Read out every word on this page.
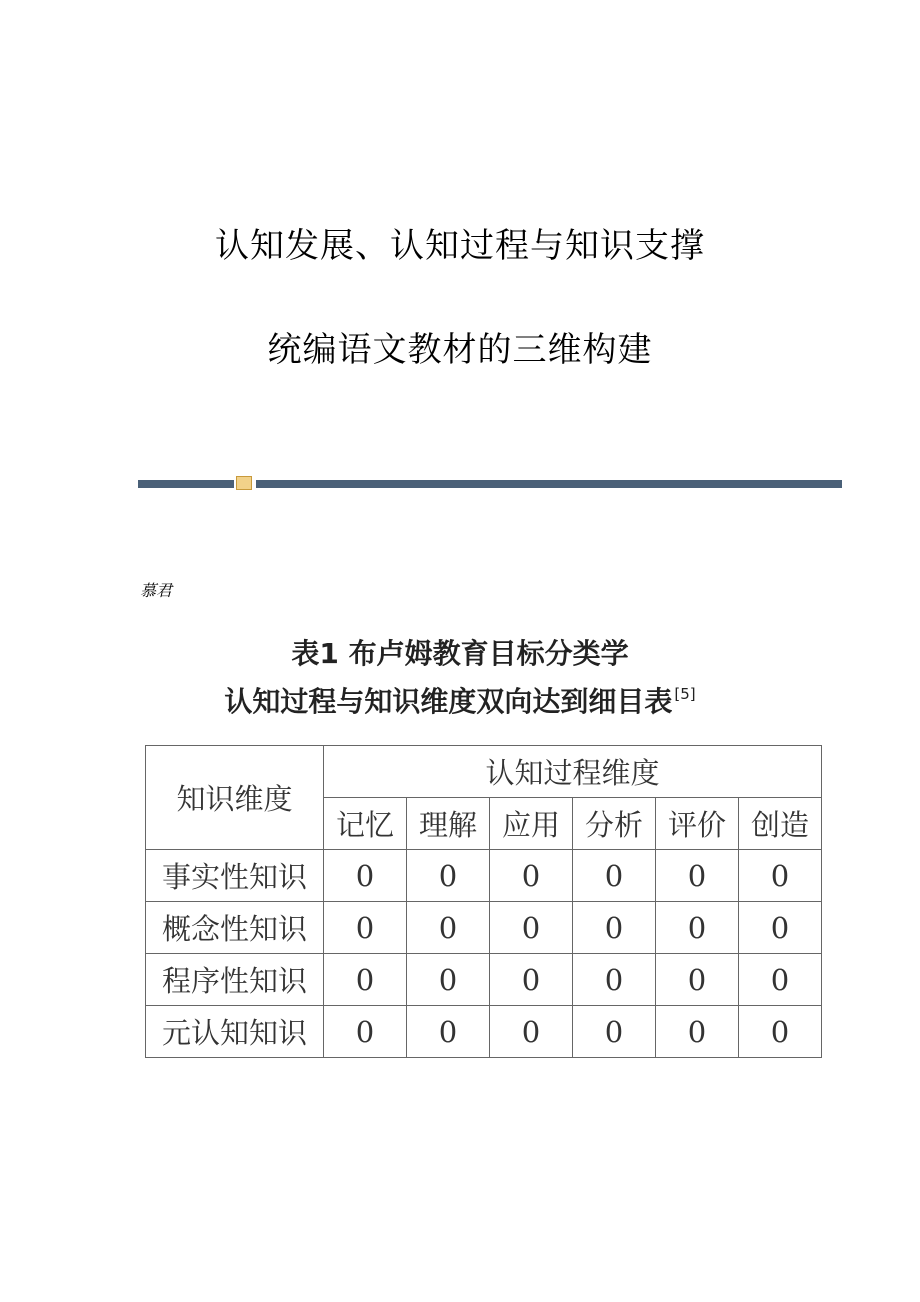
认知发展、认知过程与知识支撑
统编语文教材的三维构建
慕君
表1 布卢姆教育目标分类学
认知过程与知识维度双向达到细目表 [5]
知识维度	认知过程维度					
	记忆	理解	应用	分析	评价	创造
事实性知识	0	0	0	0	0	0
概念性知识	0	0	0	0	0	0
程序性知识	0	0	0	0	0	0
元认知知识	0	0	0	0	0	0
